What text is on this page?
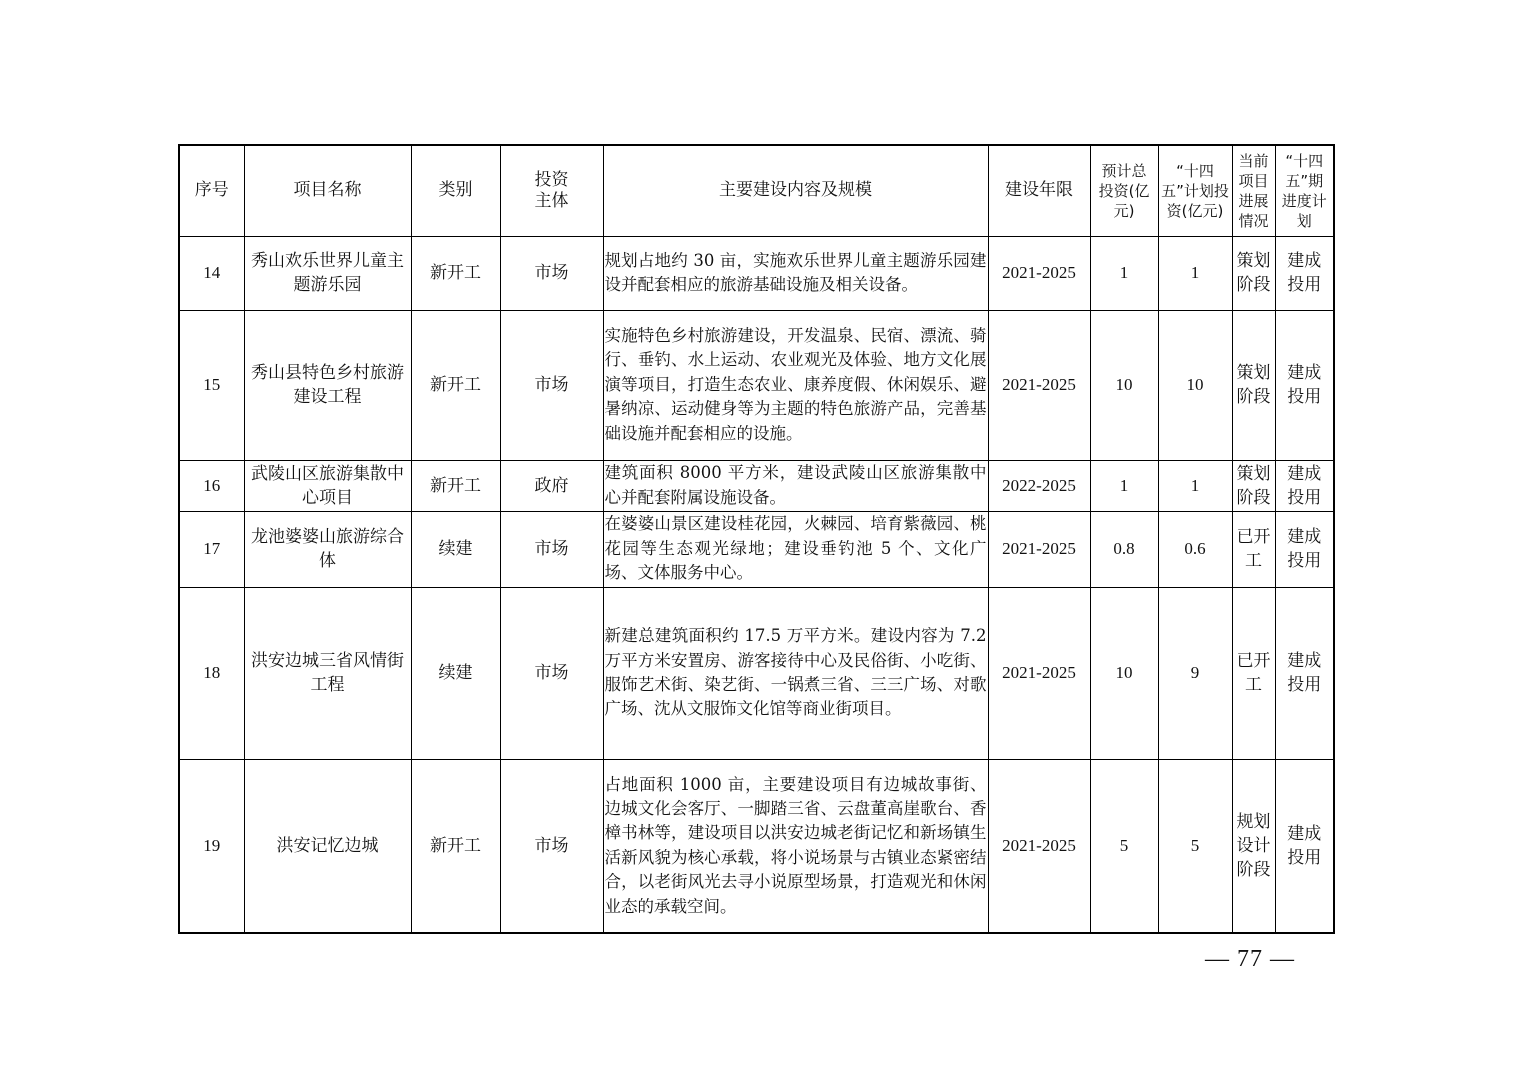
序号	项目名称	类别	投资主体	主要建设内容及规模	建设年限	预计总投资(亿元)	“十四五”计划投资(亿元)	当前项目进展情况	“十四五”期进度计划

14	秀山欢乐世界儿童主题游乐园	新开工	市场	规划占地约 30 亩，实施欢乐世界儿童主题游乐园建设并配套相应的旅游基础设施及相关设备。	2021-2025	1	1	策划阶段	建成投用

15	秀山县特色乡村旅游建设工程	新开工	市场	实施特色乡村旅游建设，开发温泉、民宿、漂流、骑行、垂钓、水上运动、农业观光及体验、地方文化展演等项目，打造生态农业、康养度假、休闲娱乐、避暑纳凉、运动健身等为主题的特色旅游产品，完善基础设施并配套相应的设施。	2021-2025	10	10	策划阶段	建成投用

16	武陵山区旅游集散中心项目	新开工	政府	建筑面积 8000 平方米，建设武陵山区旅游集散中心并配套附属设施设备。	2022-2025	1	1	策划阶段	建成投用

17	龙池婆婆山旅游综合体	续建	市场	在婆婆山景区建设桂花园，火棘园、培育紫薇园、桃花园等生态观光绿地；建设垂钓池 5 个、文化广场、文体服务中心。	2021-2025	0.8	0.6	已开工	建成投用

18	洪安边城三省风情街工程	续建	市场	新建总建筑面积约 17.5 万平方米。建设内容为 7.2 万平方米安置房、游客接待中心及民俗街、小吃街、服饰艺术街、染艺街、一锅煮三省、三三广场、对歌广场、沈从文服饰文化馆等商业街项目。	2021-2025	10	9	已开工	建成投用

19	洪安记忆边城	新开工	市场	占地面积 1000 亩，主要建设项目有边城故事街、边城文化会客厅、一脚踏三省、云盘董高崖歌台、香樟书林等，建设项目以洪安边城老街记忆和新场镇生活新风貌为核心承载，将小说场景与古镇业态紧密结合，以老街风光去寻小说原型场景，打造观光和休闲业态的承载空间。	2021-2025	5	5	规划设计阶段	建成投用
— 77 —
